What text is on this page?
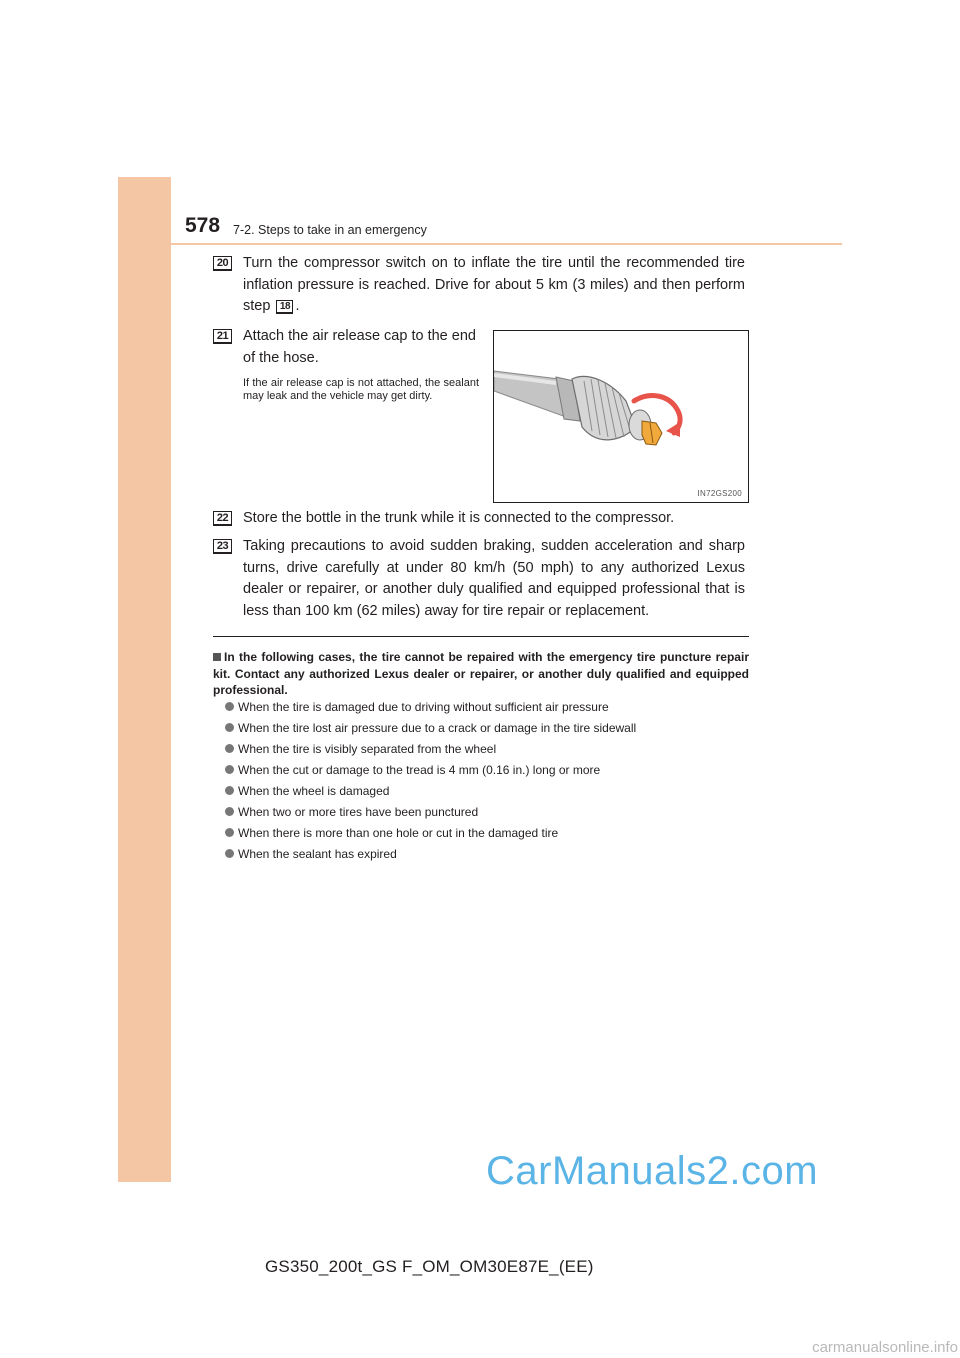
578 7-2. Steps to take in an emergency
20 Turn the compressor switch on to inflate the tire until the recommended tire inflation pressure is reached. Drive for about 5 km (3 miles) and then perform step 18 .
21 Attach the air release cap to the end of the hose.
If the air release cap is not attached, the sealant may leak and the vehicle may get dirty.
IN72GS200
22 Store the bottle in the trunk while it is connected to the compressor.
23 Taking precautions to avoid sudden braking, sudden acceleration and sharp turns, drive carefully at under 80 km/h (50 mph) to any authorized Lexus dealer or repairer, or another duly qualified and equipped professional that is less than 100 km (62 miles) away for tire repair or replacement.
In the following cases, the tire cannot be repaired with the emergency tire puncture repair kit. Contact any authorized Lexus dealer or repairer, or another duly qualified and equipped professional.
When the tire is damaged due to driving without sufficient air pressure
When the tire lost air pressure due to a crack or damage in the tire sidewall
When the tire is visibly separated from the wheel
When the cut or damage to the tread is 4 mm (0.16 in.) long or more
When the wheel is damaged
When two or more tires have been punctured
When there is more than one hole or cut in the damaged tire
When the sealant has expired
CarManuals2.com
GS350_200t_GS F_OM_OM30E87E_(EE)
carmanualsonline.info
